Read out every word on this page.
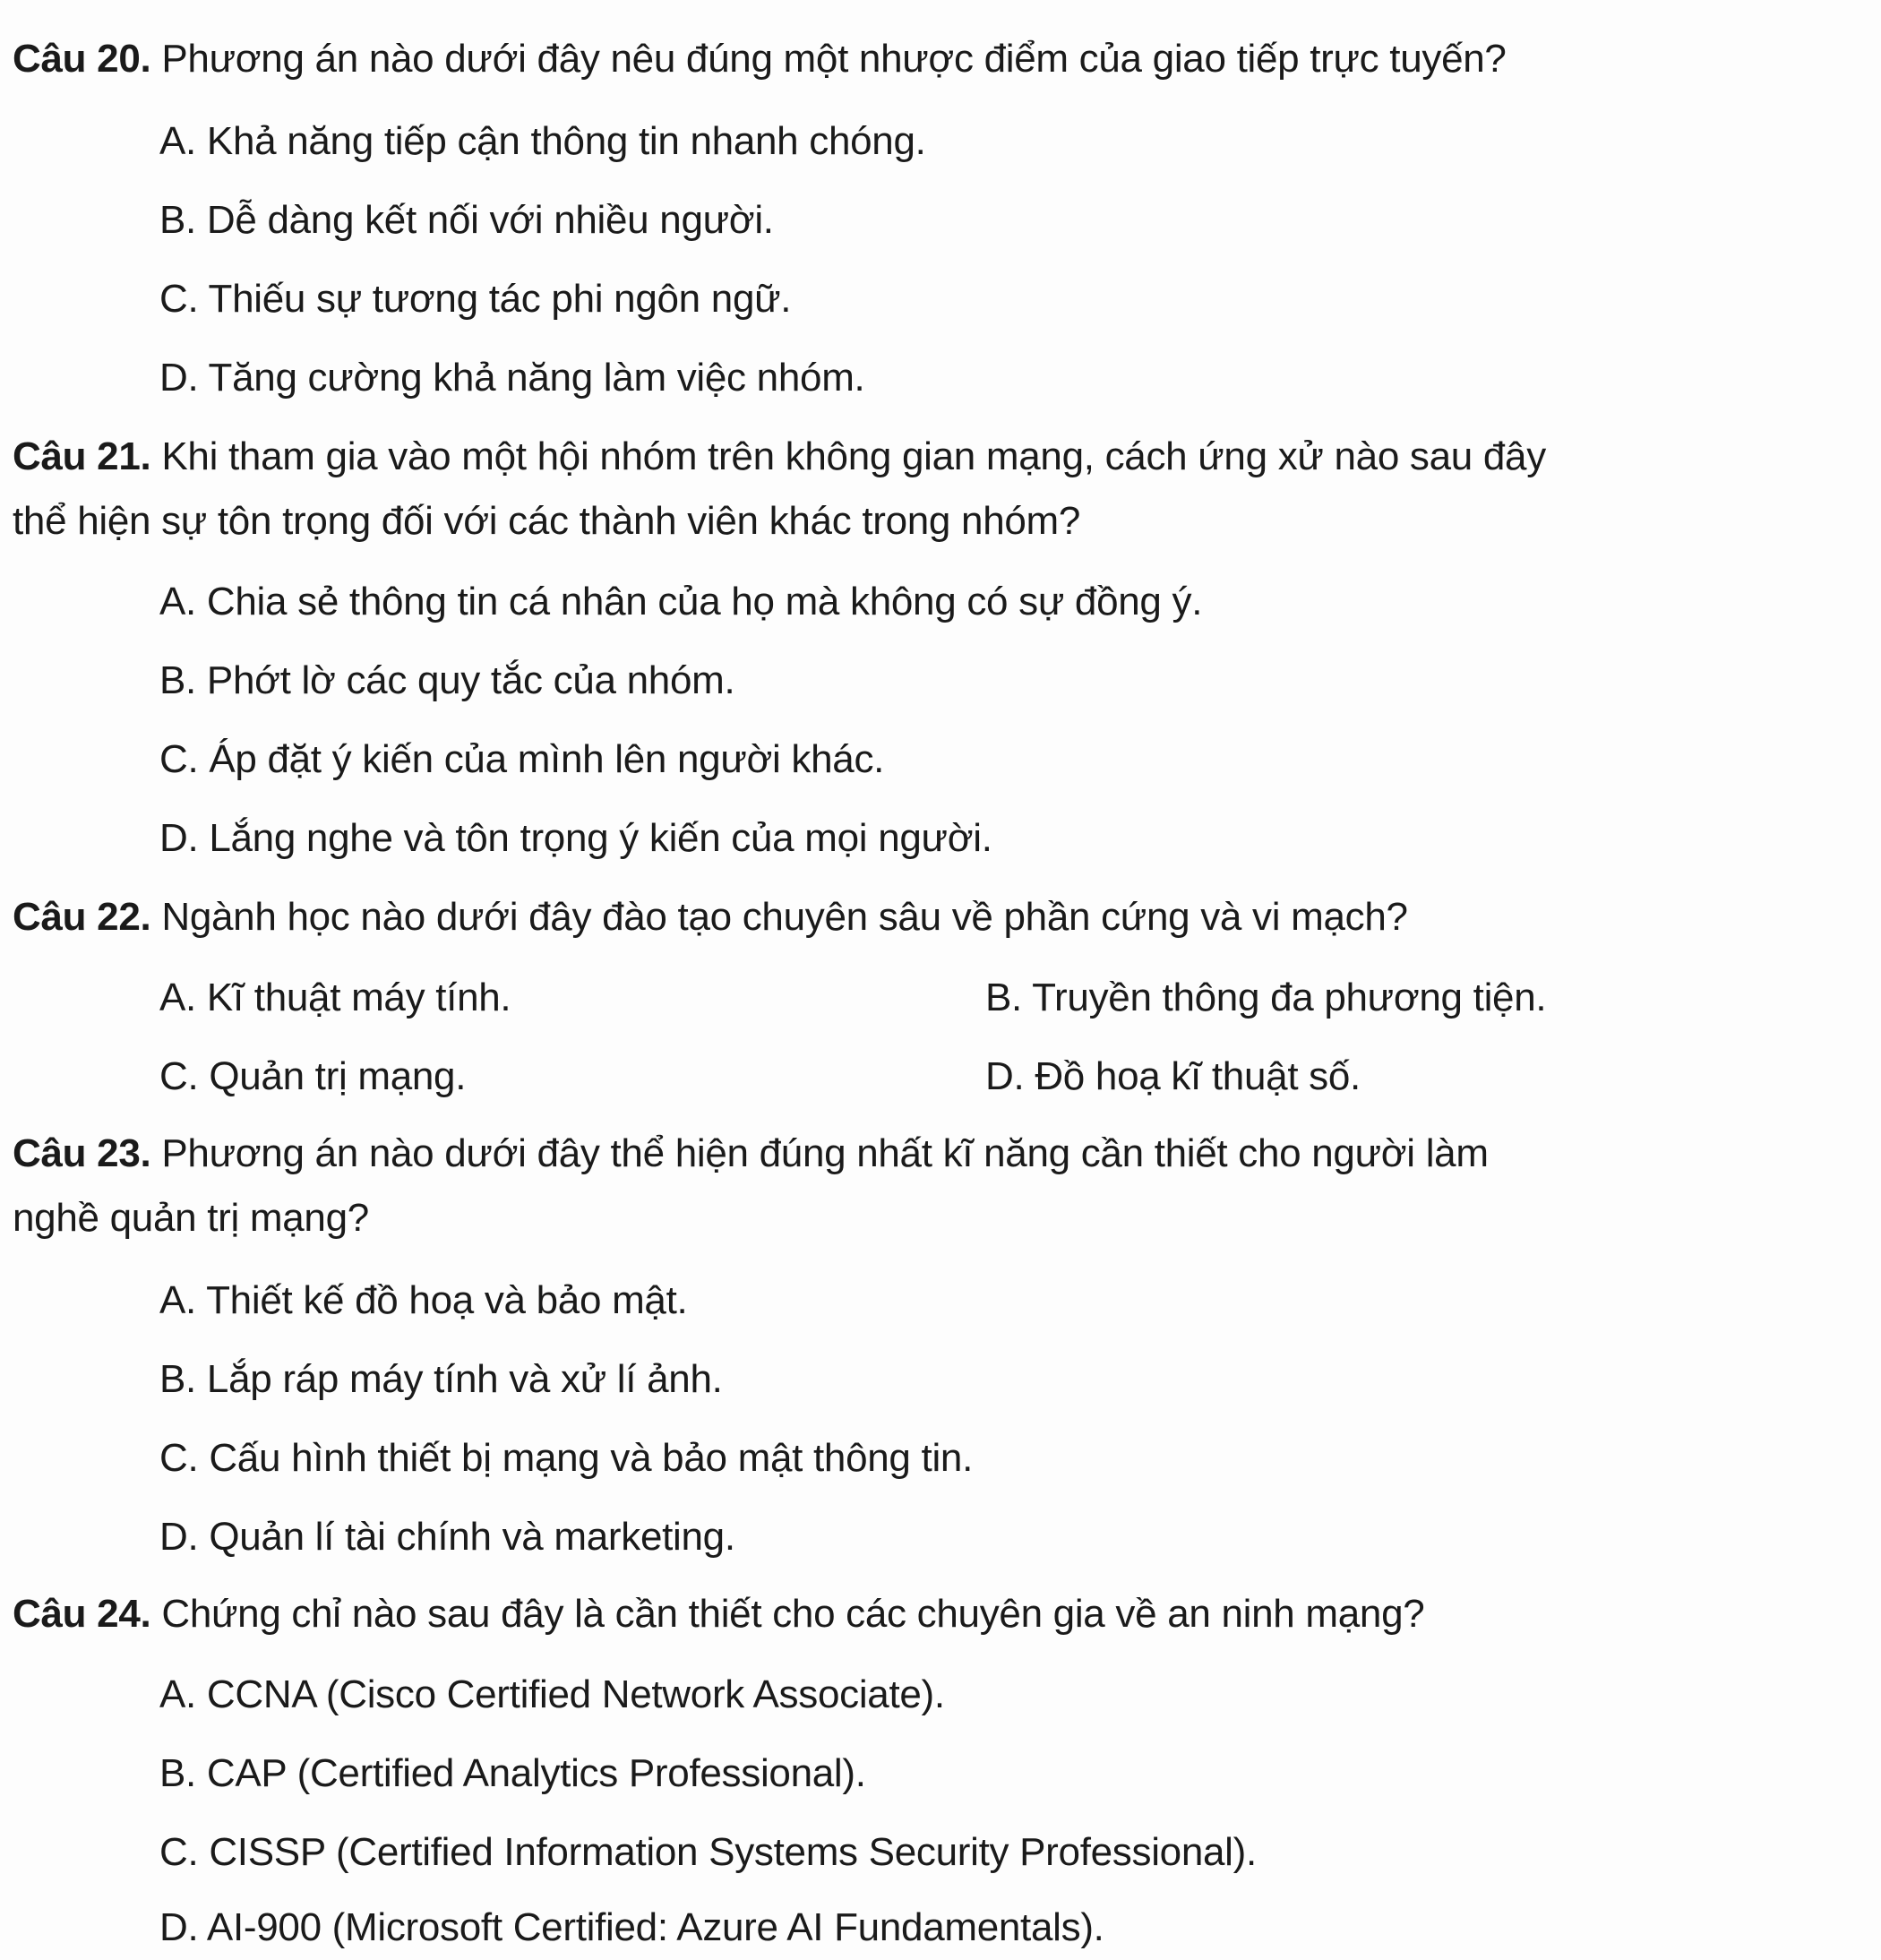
Câu 20. Phương án nào dưới đây nêu đúng một nhược điểm của giao tiếp trực tuyến?
A. Khả năng tiếp cận thông tin nhanh chóng.
B. Dễ dàng kết nối với nhiều người.
C. Thiếu sự tương tác phi ngôn ngữ.
D. Tăng cường khả năng làm việc nhóm.
Câu 21. Khi tham gia vào một hội nhóm trên không gian mạng, cách ứng xử nào sau đây
thể hiện sự tôn trọng đối với các thành viên khác trong nhóm?
A. Chia sẻ thông tin cá nhân của họ mà không có sự đồng ý.
B. Phớt lờ các quy tắc của nhóm.
C. Áp đặt ý kiến của mình lên người khác.
D. Lắng nghe và tôn trọng ý kiến của mọi người.
Câu 22. Ngành học nào dưới đây đào tạo chuyên sâu về phần cứng và vi mạch?
A. Kĩ thuật máy tính.	B. Truyền thông đa phương tiện.
C. Quản trị mạng.	D. Đồ hoạ kĩ thuật số.
Câu 23. Phương án nào dưới đây thể hiện đúng nhất kĩ năng cần thiết cho người làm
nghề quản trị mạng?
A. Thiết kế đồ hoạ và bảo mật.
B. Lắp ráp máy tính và xử lí ảnh.
C. Cấu hình thiết bị mạng và bảo mật thông tin.
D. Quản lí tài chính và marketing.
Câu 24. Chứng chỉ nào sau đây là cần thiết cho các chuyên gia về an ninh mạng?
A. CCNA (Cisco Certified Network Associate).
B. CAP (Certified Analytics Professional).
C. CISSP (Certified Information Systems Security Professional).
D. AI-900 (Microsoft Certified: Azure AI Fundamentals).
